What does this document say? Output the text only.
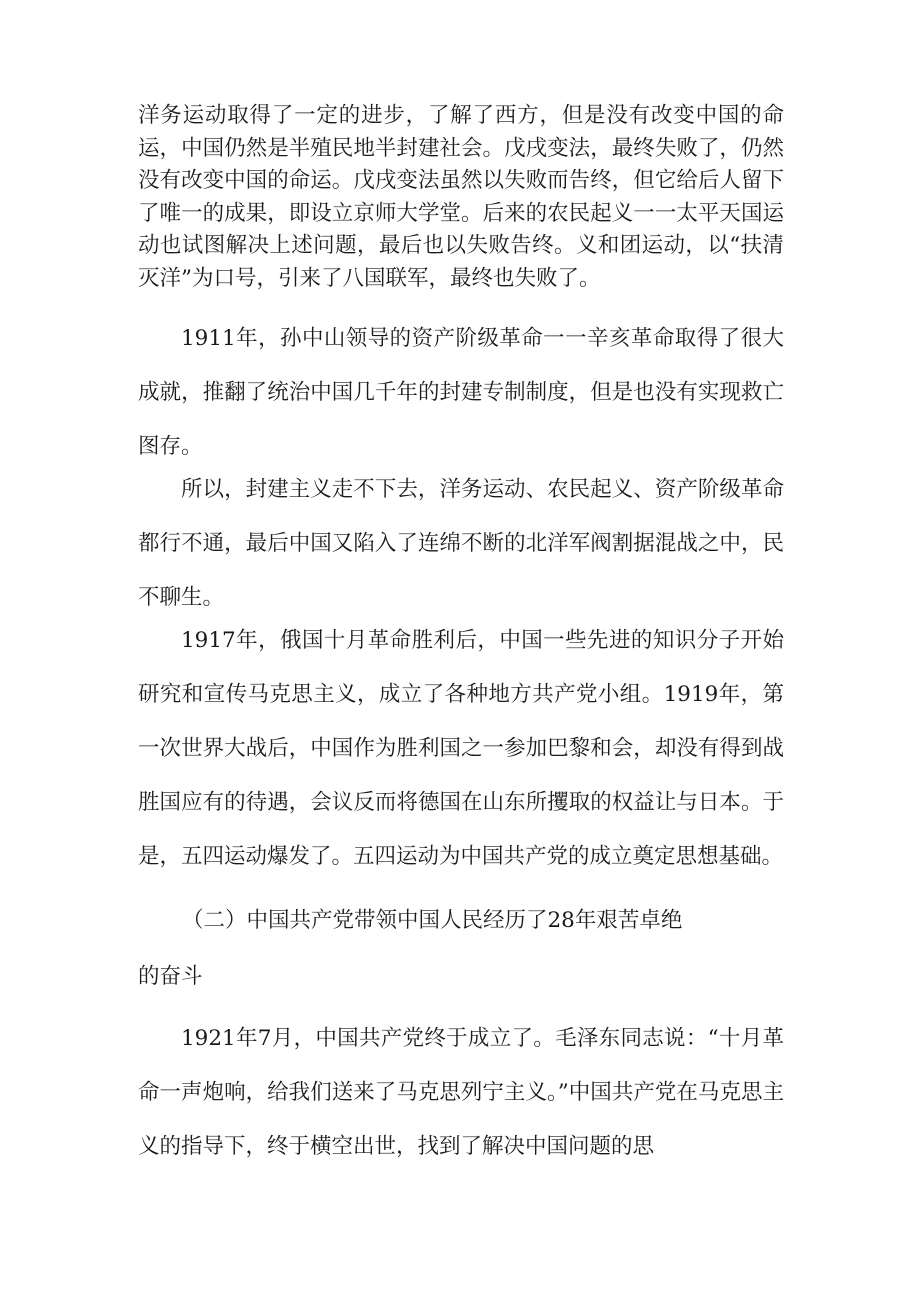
洋务运动取得了一定的进步，了解了西方，但是没有改变中国的命运，中国仍然是半殖民地半封建社会。戊戌变法，最终失败了，仍然没有改变中国的命运。戊戌变法虽然以失败而告终，但它给后人留下了唯一的成果，即设立京师大学堂。后来的农民起义一一太平天国运动也试图解决上述问题，最后也以失败告终。义和团运动，以“扶清灭洋”为口号，引来了八国联军，最终也失败了。

1911年，孙中山领导的资产阶级革命一一辛亥革命取得了很大成就，推翻了统治中国几千年的封建专制制度，但是也没有实现救亡图存。

所以，封建主义走不下去，洋务运动、农民起义、资产阶级革命都行不通，最后中国又陷入了连绵不断的北洋军阀割据混战之中，民不聊生。

1917年，俄国十月革命胜利后，中国一些先进的知识分子开始研究和宣传马克思主义，成立了各种地方共产党小组。1919年，第一次世界大战后，中国作为胜利国之一参加巴黎和会，却没有得到战胜国应有的待遇，会议反而将德国在山东所攫取的权益让与日本。于是，五四运动爆发了。五四运动为中国共产党的成立奠定思想基础。

（二）中国共产党带领中国人民经历了28年艰苦卓绝

的奋斗

1921年7月，中国共产党终于成立了。毛泽东同志说：“十月革命一声炮响，给我们送来了马克思列宁主义。”中国共产党在马克思主义的指导下，终于横空出世，找到了解决中国问题的思
